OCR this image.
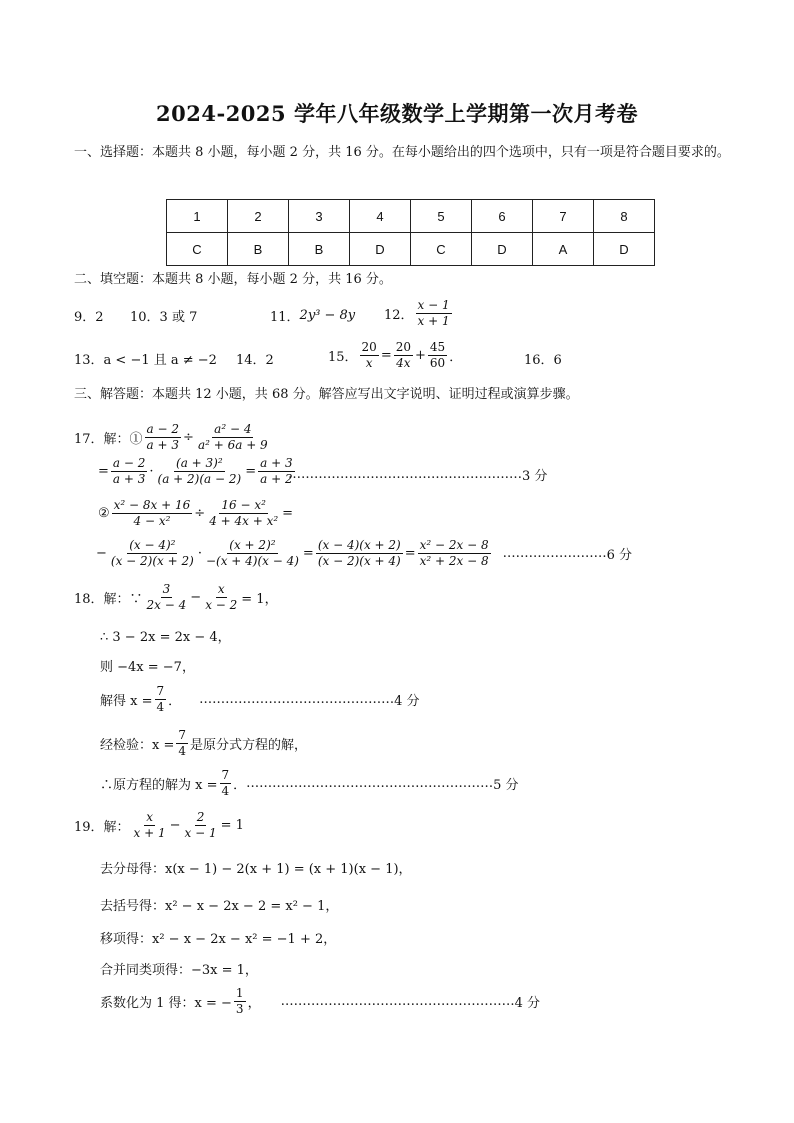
2024-2025 学年八年级数学上学期第一次月考卷
一、选择题：本题共 8 小题，每小题 2 分，共 16 分。在每小题给出的四个选项中，只有一项是符合题目要求的。
1	2	3	4	5	6	7	8
C	B	B	D	C	D	A	D
二、填空题：本题共 8 小题，每小题 2 分，共 16 分。
9．2 10．3 或 7	11． 2y³ − 8y 12． $\frac{x - 1}{x + 1}$
13．a < −1 且 a ≠ −2 14．2	15． $\frac{20}{x} = \frac{20}{4x} + \frac{45}{60}$ ．	16．6
三、解答题：本题共 12 小题，共 68 分。解答应写出文字说明、证明过程或演算步骤。
17．解：① $\frac{a - 2}{a + 3} \div \frac{\text{a² − 4}}{\text{a² + 6a + 9}}$
= $\frac{a - 2}{a + 3} \cdot \frac{\text{(a + 3)²}}{(a + 2)(a - 2)} = \frac{a + 3}{a + 2}$
……………………………………………… 3 分
② $\frac{\text{x² − 8x + 16}}{\text{4 − x²}} \div \frac{\text{16 − x²}}{\text{4 + 4x + x²}}$ =
− $\frac{\text{(x − 4)²}}{(x - 2)(x + 2)} \cdot \frac{\text{(x + 2)²}}{-(x + 4)(x - 4)} = \frac{(x - 4)(x + 2)}{(x - 2)(x + 4)} = \frac{\text{x² − 2x − 8}}{\text{x² + 2x − 8}}$ …………………… 6 分
18．解：∵ $\frac{3}{2x - 4} - \frac{x}{x - 2} = 1$，
∴ 3 − 2x = 2x − 4，
则 −4x = −7，
解得 $x = \frac{7}{4}$ ． ……………………………………… 4 分
经检验：$x = \frac{7}{4}$ 是原分式方程的解，
∴原方程的解为 $x = \frac{7}{4}$ ． ………………………………………………… 5 分
19．解： $\frac{x}{x + 1} - \frac{2}{x - 1} = 1$
去分母得：x(x − 1) − 2(x + 1) = (x + 1)(x − 1)，
去括号得：x² − x − 2x − 2 = x² − 1，
移项得：x² − x − 2x − x² = −1 + 2，
合并同类项得：−3x = 1，
系数化为 1 得：x = − $\frac{1}{3}$ ， ……………………………………………… 4 分
